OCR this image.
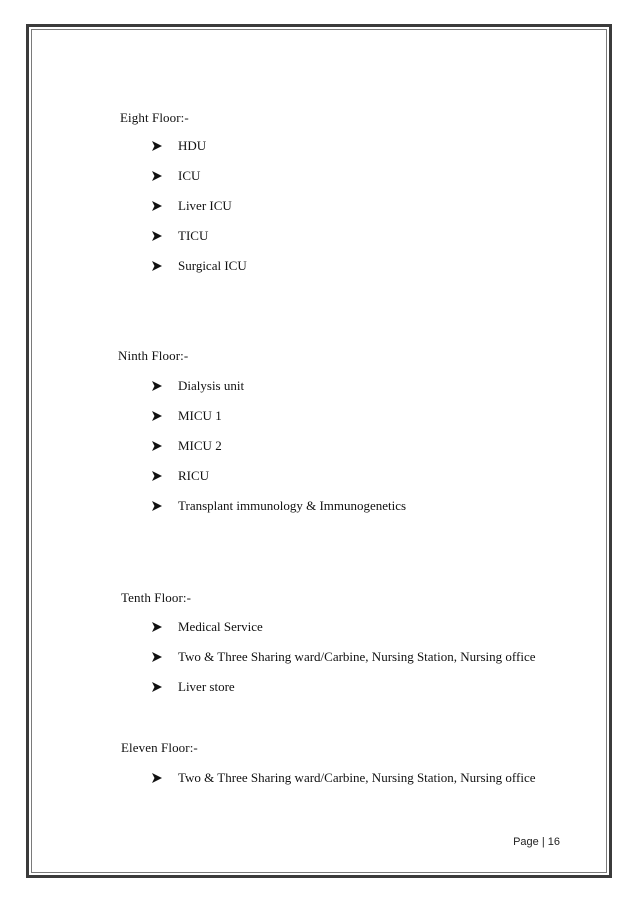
Eight Floor:-
HDU
ICU
Liver ICU
TICU
Surgical ICU
Ninth Floor:-
Dialysis unit
MICU 1
MICU 2
RICU
Transplant immunology & Immunogenetics
Tenth Floor:-
Medical Service
Two & Three Sharing ward/Carbine, Nursing Station, Nursing office
Liver store
Eleven Floor:-
Two & Three Sharing ward/Carbine, Nursing Station, Nursing office
Page | 16
